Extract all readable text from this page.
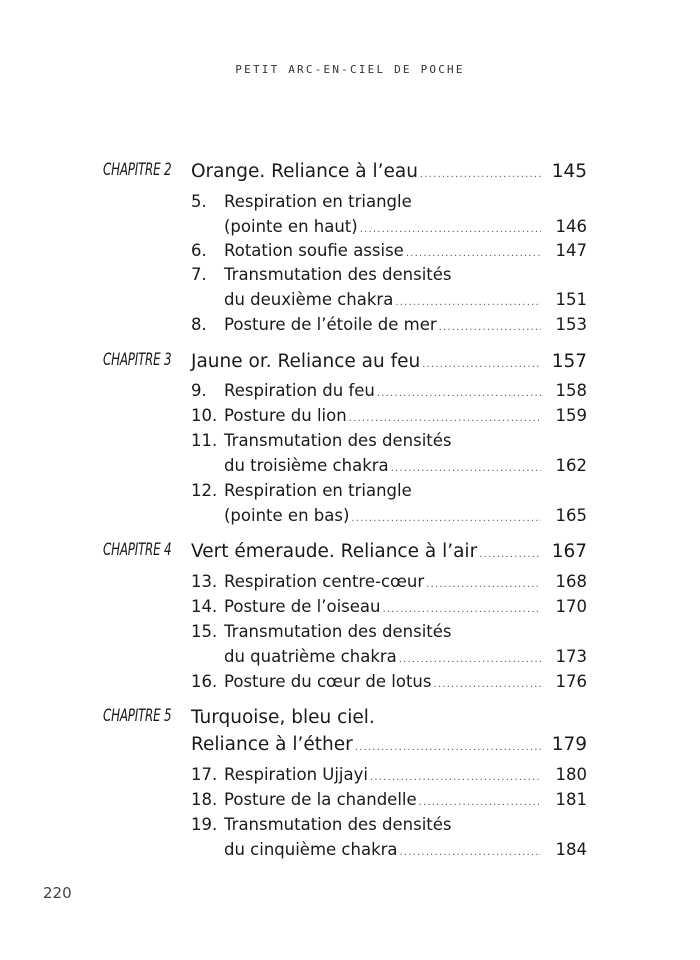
PETIT ARC-EN-CIEL DE POCHE
CHAPITRE 2 Orange. Reliance à l’eau .....	145
5.	Respiration en triangle
(pointe en haut) .....	146
6.	Rotation soufie assise .....	147
7.	Transmutation des densités
du deuxième chakra .....	151
8.	Posture de l’étoile de mer .....	153
CHAPITRE 3 Jaune or. Reliance au feu .....	157
9.	Respiration du feu .....	158
10. Posture du lion .....	159
11. Transmutation des densités
du troisième chakra .....	162
12. Respiration en triangle
(pointe en bas) .....	165
CHAPITRE 4 Vert émeraude. Reliance à l’air .....	167
13. Respiration centre-cœur .....	168
14. Posture de l’oiseau .....	170
15. Transmutation des densités
du quatrième chakra .....	173
16. Posture du cœur de lotus .....	176
CHAPITRE 5 Turquoise, bleu ciel.
Reliance à l’éther .....	179
17. Respiration Ujjayi .....	180
18. Posture de la chandelle .....	181
19. Transmutation des densités
du cinquième chakra .....	184
220
